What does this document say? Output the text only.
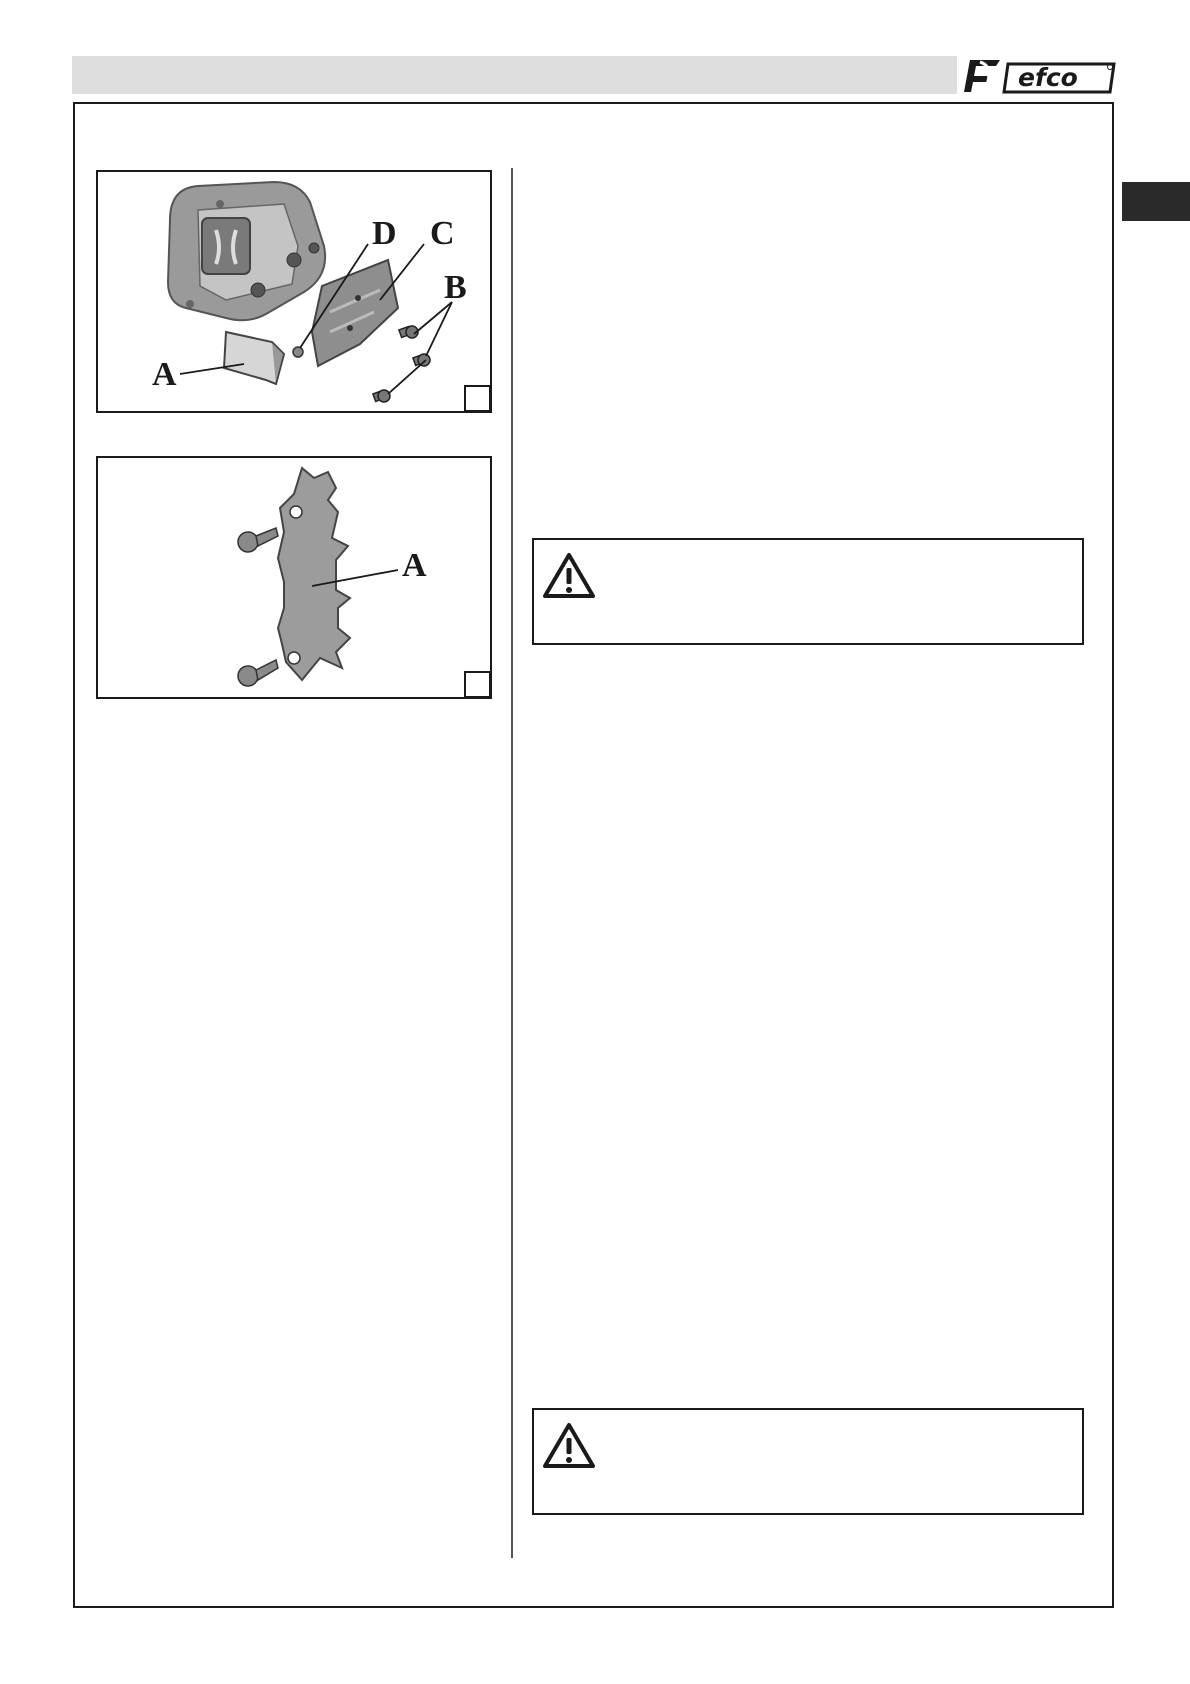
efco
A
D C
B
A
